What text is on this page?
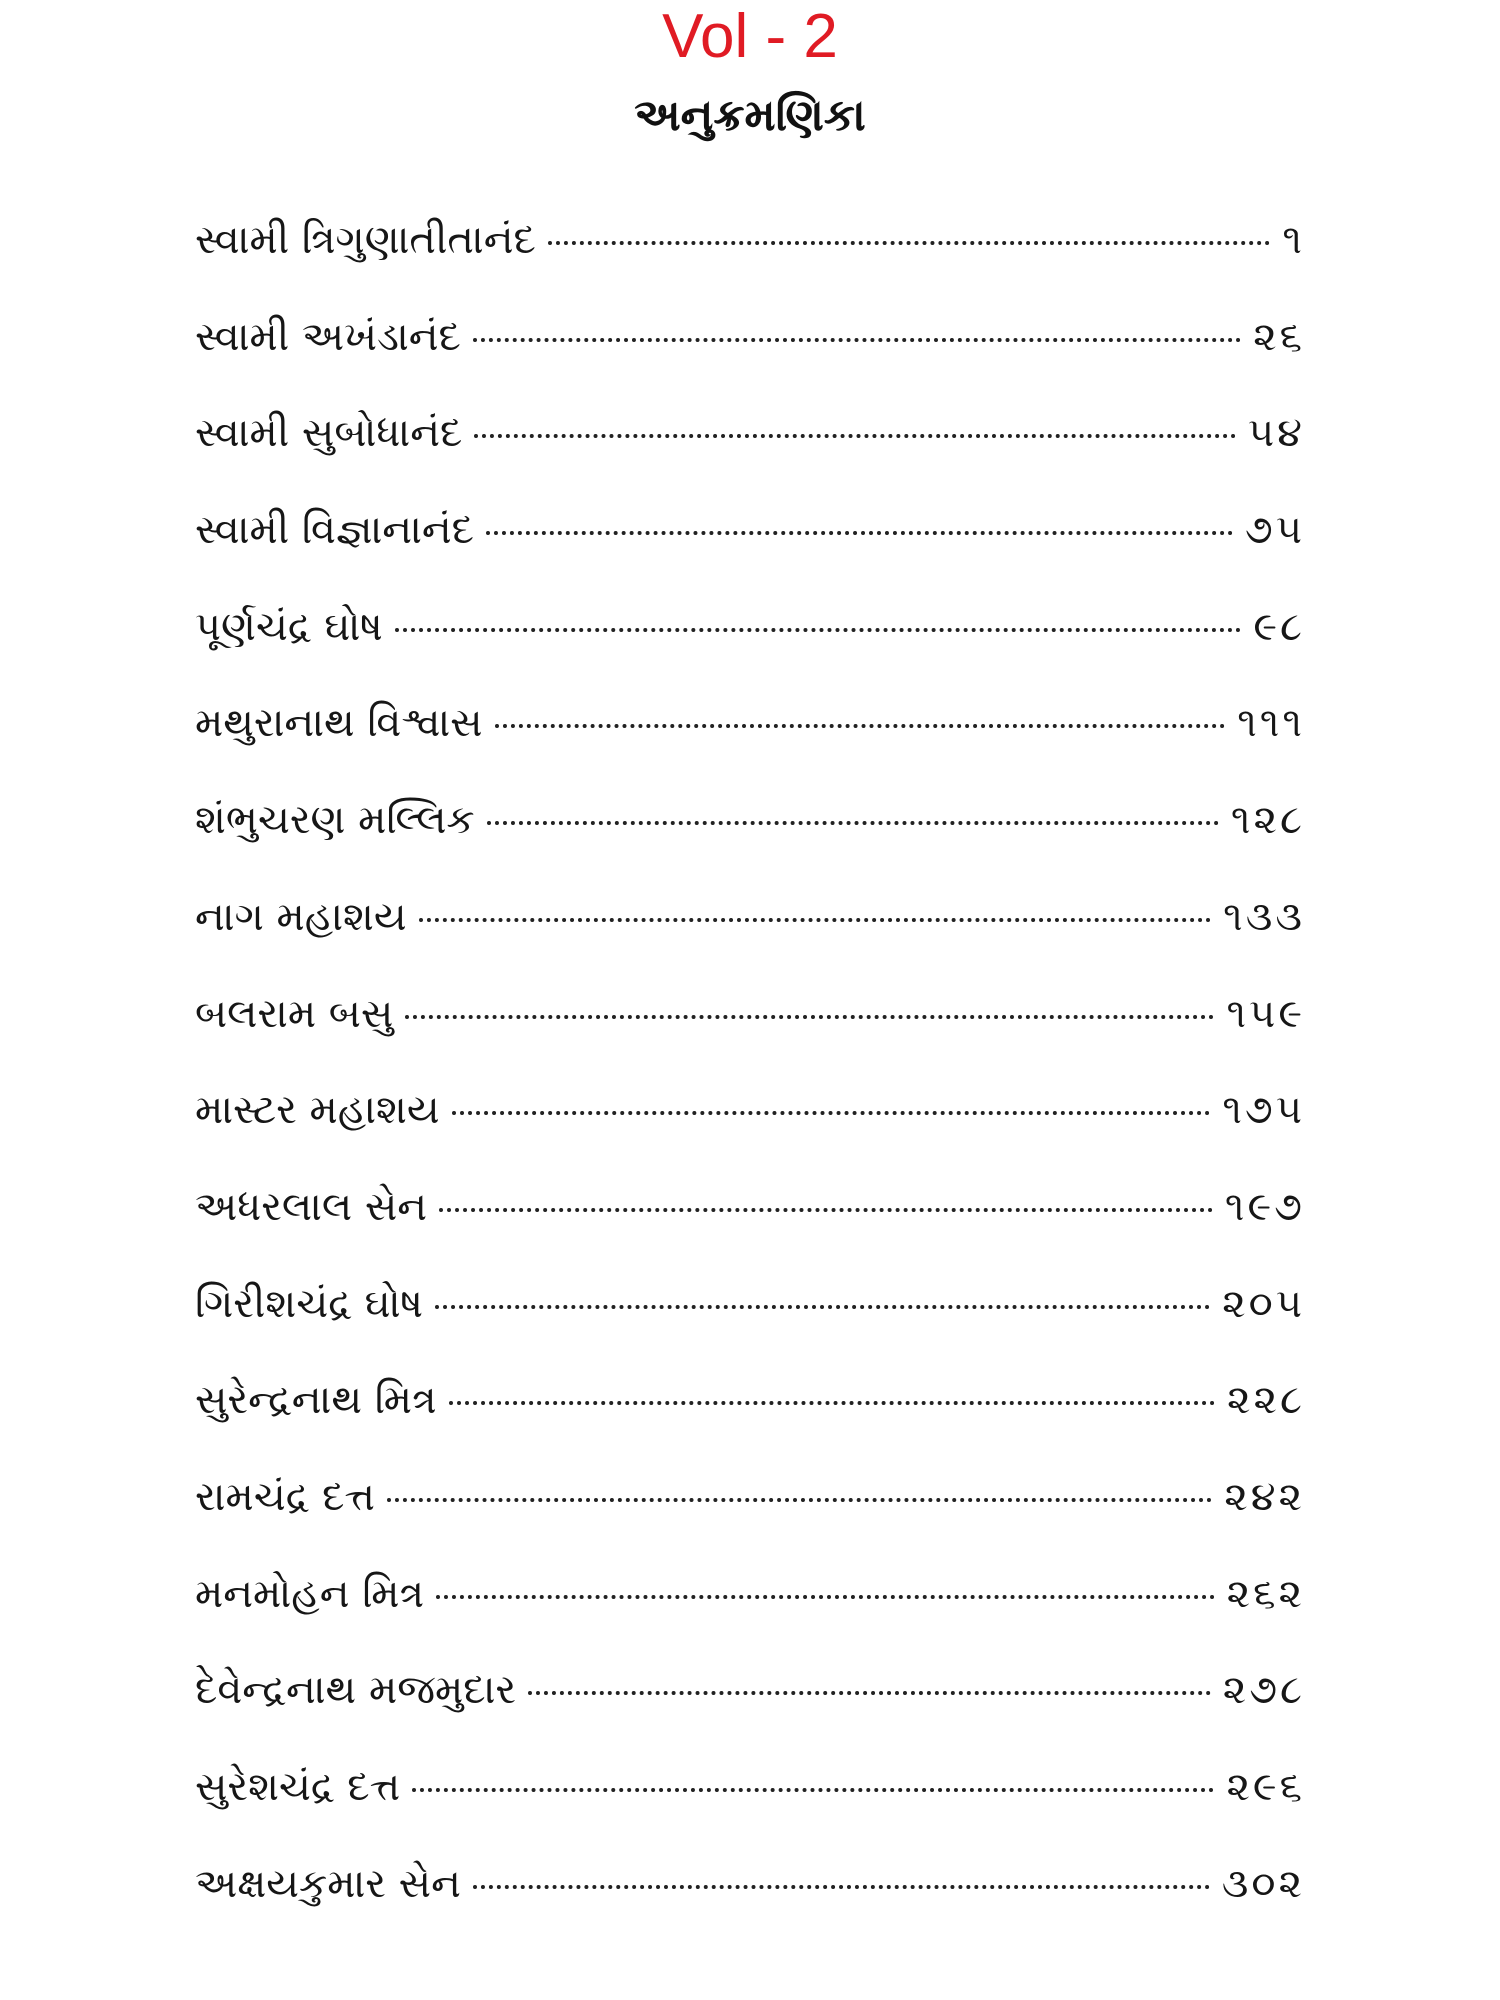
Vol - 2
અનુક્રમણિકા
સ્વામી ત્રિગુણાતીતાનંદ	૧
સ્વામી અખંડાનંદ	૨૬
સ્વામી સુબોધાનંદ	૫૪
સ્વામી વિજ્ઞાનાનંદ	૭૫
પૂર્ણચંદ્ર ઘોષ	૯૮
મથુરાનાથ વિશ્વાસ	૧૧૧
શંભુચરણ મલ્લિક	૧૨૮
નાગ મહાશય	૧૩૩
બલરામ બસુ	૧૫૯
માસ્ટર મહાશય	૧૭૫
અધરલાલ સેન	૧૯૭
ગિરીશચંદ્ર ઘોષ	૨૦૫
સુરેન્દ્રનાથ મિત્ર	૨૨૮
રામચંદ્ર દત્ત	૨૪૨
મનમોહન મિત્ર	૨૬૨
દેવેન્દ્રનાથ મજમુદાર	૨૭૮
સુરેશચંદ્ર દત્ત	૨૯૬
અક્ષયકુમાર સેન	૩૦૨
